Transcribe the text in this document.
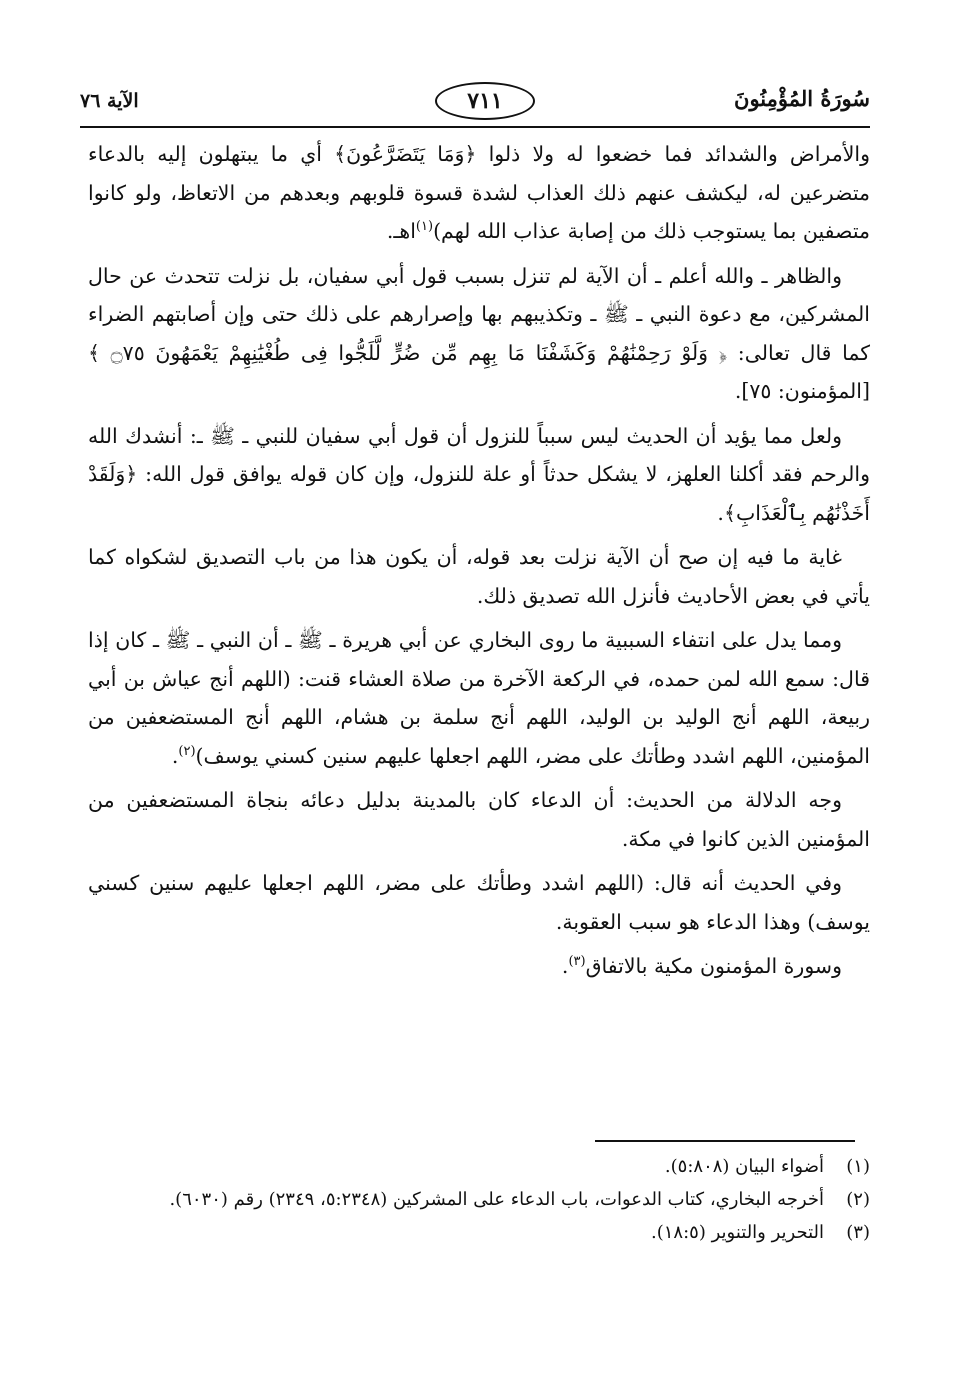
الآية ٧٦	٧١١	سُورَةُ المُؤْمِنُونَ

والأمراض والشدائد فما خضعوا له ولا ذلوا ﴿وَمَا يَتَضَرَّعُونَ﴾ أي ما يبتهلون إليه بالدعاء متضرعين له، ليكشف عنهم ذلك العذاب لشدة قسوة قلوبهم وبعدهم من الاتعاظ، ولو كانوا متصفين بما يستوجب ذلك من إصابة عذاب الله لهم)$^{(١)}$اهـ.

والظاهر ـ والله أعلم ـ أن الآية لم تنزل بسبب قول أبي سفيان، بل نزلت تتحدث عن حال المشركين، مع دعوة النبي ـ ﷺ ـ وتكذيبهم بها وإصرارهم على ذلك حتى وإن أصابتهم الضراء كما قال تعالى: ﴿ وَلَوْ رَحِمْنَٰهُمْ وَكَشَفْنَا مَا بِهِم مِّن ضُرٍّ لَّلَجُّوا فِى طُغْيَٰنِهِمْ يَعْمَهُونَ ۝٧٥ ﴾ [المؤمنون: ٧٥].

ولعل مما يؤيد أن الحديث ليس سبباً للنزول أن قول أبي سفيان للنبي ـ ﷺ ـ: أنشدك الله والرحم فقد أكلنا العلهز، لا يشكل حدثاً أو علة للنزول، وإن كان قوله يوافق قول الله: ﴿وَلَقَدْ أَخَذْنَٰهُم بِٱلْعَذَابِ﴾.

غاية ما فيه إن صح أن الآية نزلت بعد قوله، أن يكون هذا من باب التصديق لشكواه كما يأتي في بعض الأحاديث فأنزل الله تصديق ذلك.

ومما يدل على انتفاء السببية ما روى البخاري عن أبي هريرة ـ ﷺ ـ أن النبي ـ ﷺ ـ كان إذا قال: سمع الله لمن حمده، في الركعة الآخرة من صلاة العشاء قنت: (اللهم أنج عياش بن أبي ربيعة، اللهم أنج الوليد بن الوليد، اللهم أنج سلمة بن هشام، اللهم أنج المستضعفين من المؤمنين، اللهم اشدد وطأتك على مضر، اللهم اجعلها عليهم سنين كسني يوسف)$^{(٢)}$.

وجه الدلالة من الحديث: أن الدعاء كان بالمدينة بدليل دعائه بنجاة المستضعفين من المؤمنين الذين كانوا في مكة.

وفي الحديث أنه قال: (اللهم اشدد وطأتك على مضر، اللهم اجعلها عليهم سنين كسني يوسف) وهذا الدعاء هو سبب العقوبة.

وسورة المؤمنون مكية بالاتفاق$^{(٣)}$.

(١)
أضواء البيان (٥:٨٠٨).
(٢)
أخرجه البخاري، كتاب الدعوات، باب الدعاء على المشركين (٥:٢٣٤٨، ٢٣٤٩) رقم (٦٠٣٠).
(٣)
التحرير والتنوير (١٨:٥).
